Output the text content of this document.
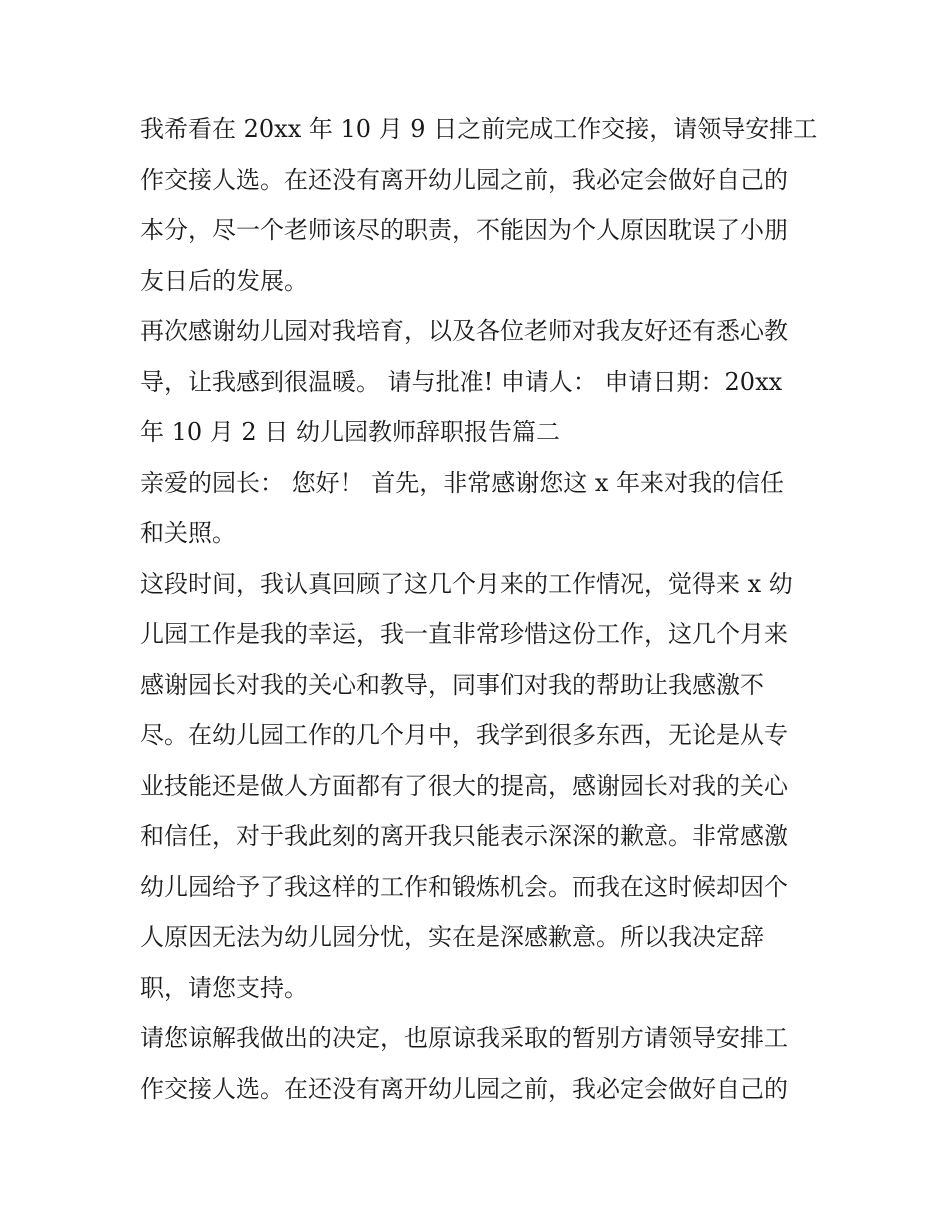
我希看在 20xx 年 10 月 9 日之前完成工作交接，请领导安排工
作交接人选。在还没有离开幼儿园之前，我必定会做好自己的
本分，尽一个老师该尽的职责，不能因为个人原因耽误了小朋
友日后的发展。
再次感谢幼儿园对我培育，以及各位老师对我友好还有悉心教
导，让我感到很温暖。 请与批准! 申请人： 申请日期：20xx
年 10 月 2 日 幼儿园教师辞职报告篇二
亲爱的园长： 您好！ 首先，非常感谢您这 x 年来对我的信任
和关照。
这段时间，我认真回顾了这几个月来的工作情况，觉得来 x 幼
儿园工作是我的幸运，我一直非常珍惜这份工作，这几个月来
感谢园长对我的关心和教导，同事们对我的帮助让我感激不
尽。在幼儿园工作的几个月中，我学到很多东西，无论是从专
业技能还是做人方面都有了很大的提高，感谢园长对我的关心
和信任，对于我此刻的离开我只能表示深深的歉意。非常感激
幼儿园给予了我这样的工作和锻炼机会。而我在这时候却因个
人原因无法为幼儿园分忧，实在是深感歉意。所以我决定辞
职，请您支持。
请您谅解我做出的决定，也原谅我采取的暂别方请领导安排工
作交接人选。在还没有离开幼儿园之前，我必定会做好自己的
